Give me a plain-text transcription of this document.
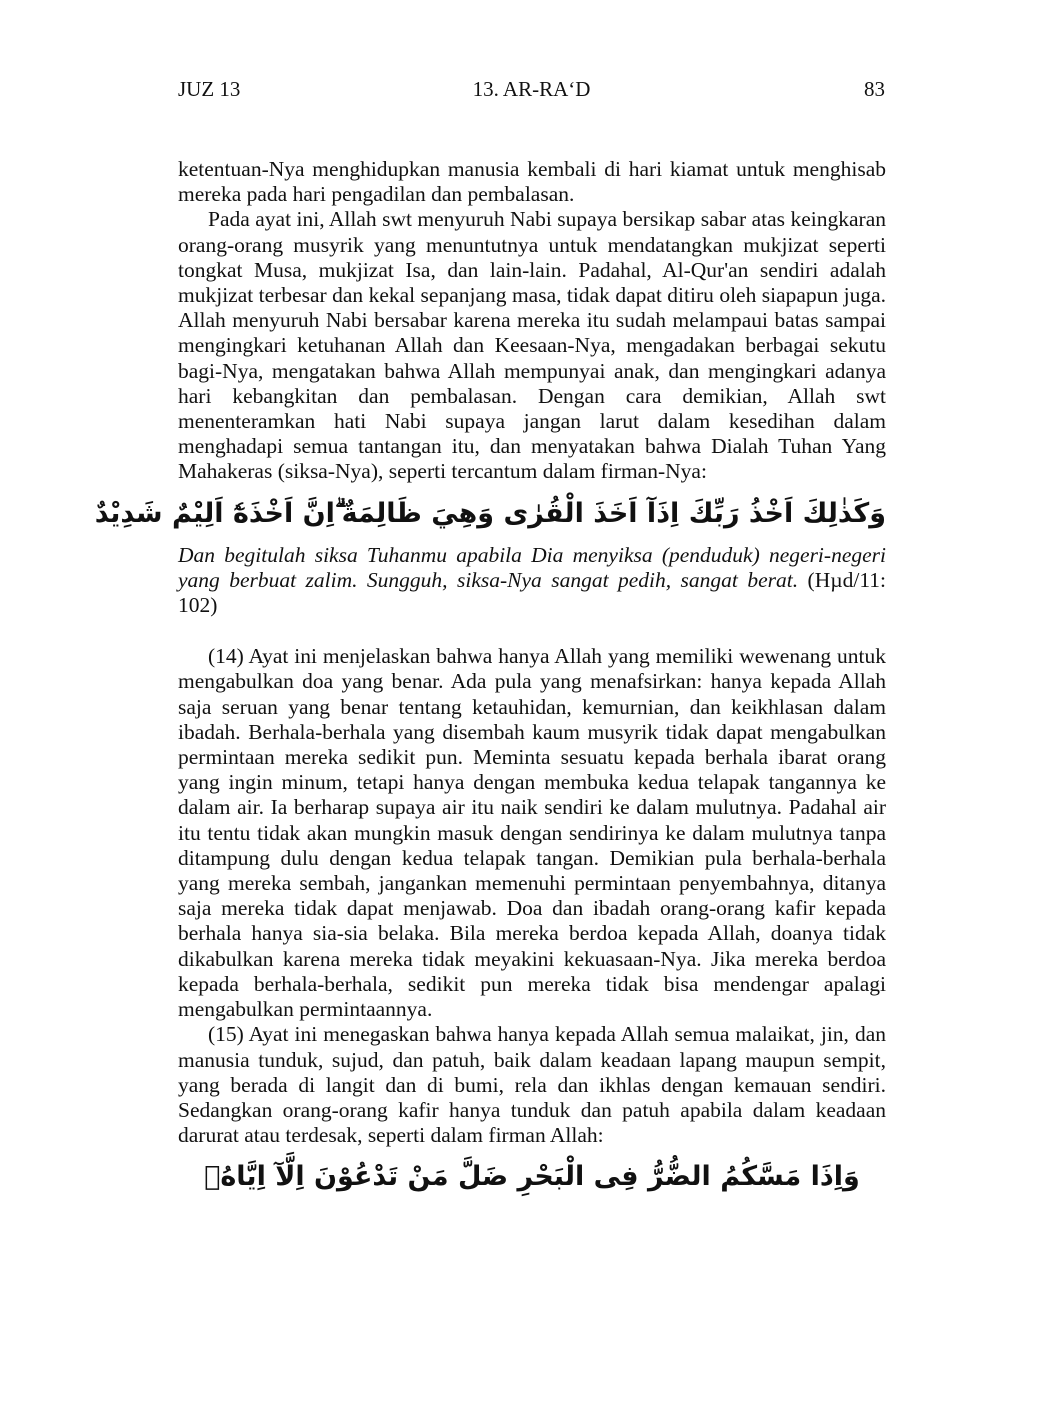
JUZ 13	13. AR-RA‘D	83

ketentuan-Nya menghidupkan manusia kembali di hari kiamat untuk menghisab mereka pada hari pengadilan dan pembalasan.

Pada ayat ini, Allah swt menyuruh Nabi supaya bersikap sabar atas keingkaran orang-orang musyrik yang menuntutnya untuk mendatangkan mukjizat seperti tongkat Musa, mukjizat Isa, dan lain-lain. Padahal, Al-Qur'an sendiri adalah mukjizat terbesar dan kekal sepanjang masa, tidak dapat ditiru oleh siapapun juga. Allah menyuruh Nabi bersabar karena mereka itu sudah melampaui batas sampai mengingkari ketuhanan Allah dan Keesaan-Nya, mengadakan berbagai sekutu bagi-Nya, mengatakan bahwa Allah mempunyai anak, dan mengingkari adanya hari kebangkitan dan pembalasan. Dengan cara demikian, Allah swt menenteramkan hati Nabi supaya jangan larut dalam kesedihan dalam menghadapi semua tantangan itu, dan menyatakan bahwa Dialah Tuhan Yang Mahakeras (siksa-Nya), seperti tercantum dalam firman-Nya:

وَكَذٰلِكَ اَخْذُ رَبِّكَ اِذَآ اَخَذَ الْقُرٰى وَهِيَ ظَالِمَةٌ ۗاِنَّ اَخْذَهٗٓ اَلِيْمٌ شَدِيْدٌ

Dan begitulah siksa Tuhanmu apabila Dia menyiksa (penduduk) negeri-negeri yang berbuat zalim. Sungguh, siksa-Nya sangat pedih, sangat berat. (Hµd/11: 102)

(14) Ayat ini menjelaskan bahwa hanya Allah yang memiliki wewenang untuk mengabulkan doa yang benar. Ada pula yang menafsirkan: hanya kepada Allah saja seruan yang benar tentang ketauhidan, kemurnian, dan keikhlasan dalam ibadah. Berhala-berhala yang disembah kaum musyrik tidak dapat mengabulkan permintaan mereka sedikit pun. Meminta sesuatu kepada berhala ibarat orang yang ingin minum, tetapi hanya dengan membuka kedua telapak tangannya ke dalam air. Ia berharap supaya air itu naik sendiri ke dalam mulutnya. Padahal air itu tentu tidak akan mungkin masuk dengan sendirinya ke dalam mulutnya tanpa ditampung dulu dengan kedua telapak tangan. Demikian pula berhala-berhala yang mereka sembah, jangankan memenuhi permintaan penyembahnya, ditanya saja mereka tidak dapat menjawab. Doa dan ibadah orang-orang kafir kepada berhala hanya sia-sia belaka. Bila mereka berdoa kepada Allah, doanya tidak dikabulkan karena mereka tidak meyakini kekuasaan-Nya. Jika mereka berdoa kepada berhala-berhala, sedikit pun mereka tidak bisa mendengar apalagi mengabulkan permintaannya.

(15) Ayat ini menegaskan bahwa hanya kepada Allah semua malaikat, jin, dan manusia tunduk, sujud, dan patuh, baik dalam keadaan lapang maupun sempit, yang berada di langit dan di bumi, rela dan ikhlas dengan kemauan sendiri. Sedangkan orang-orang kafir hanya tunduk dan patuh apabila dalam keadaan darurat atau terdesak, seperti dalam firman Allah:

وَاِذَا مَسَّكُمُ الضُّرُّ فِى الْبَحْرِ ضَلَّ مَنْ تَدْعُوْنَ اِلَّآ اِيَّاهُۚ
